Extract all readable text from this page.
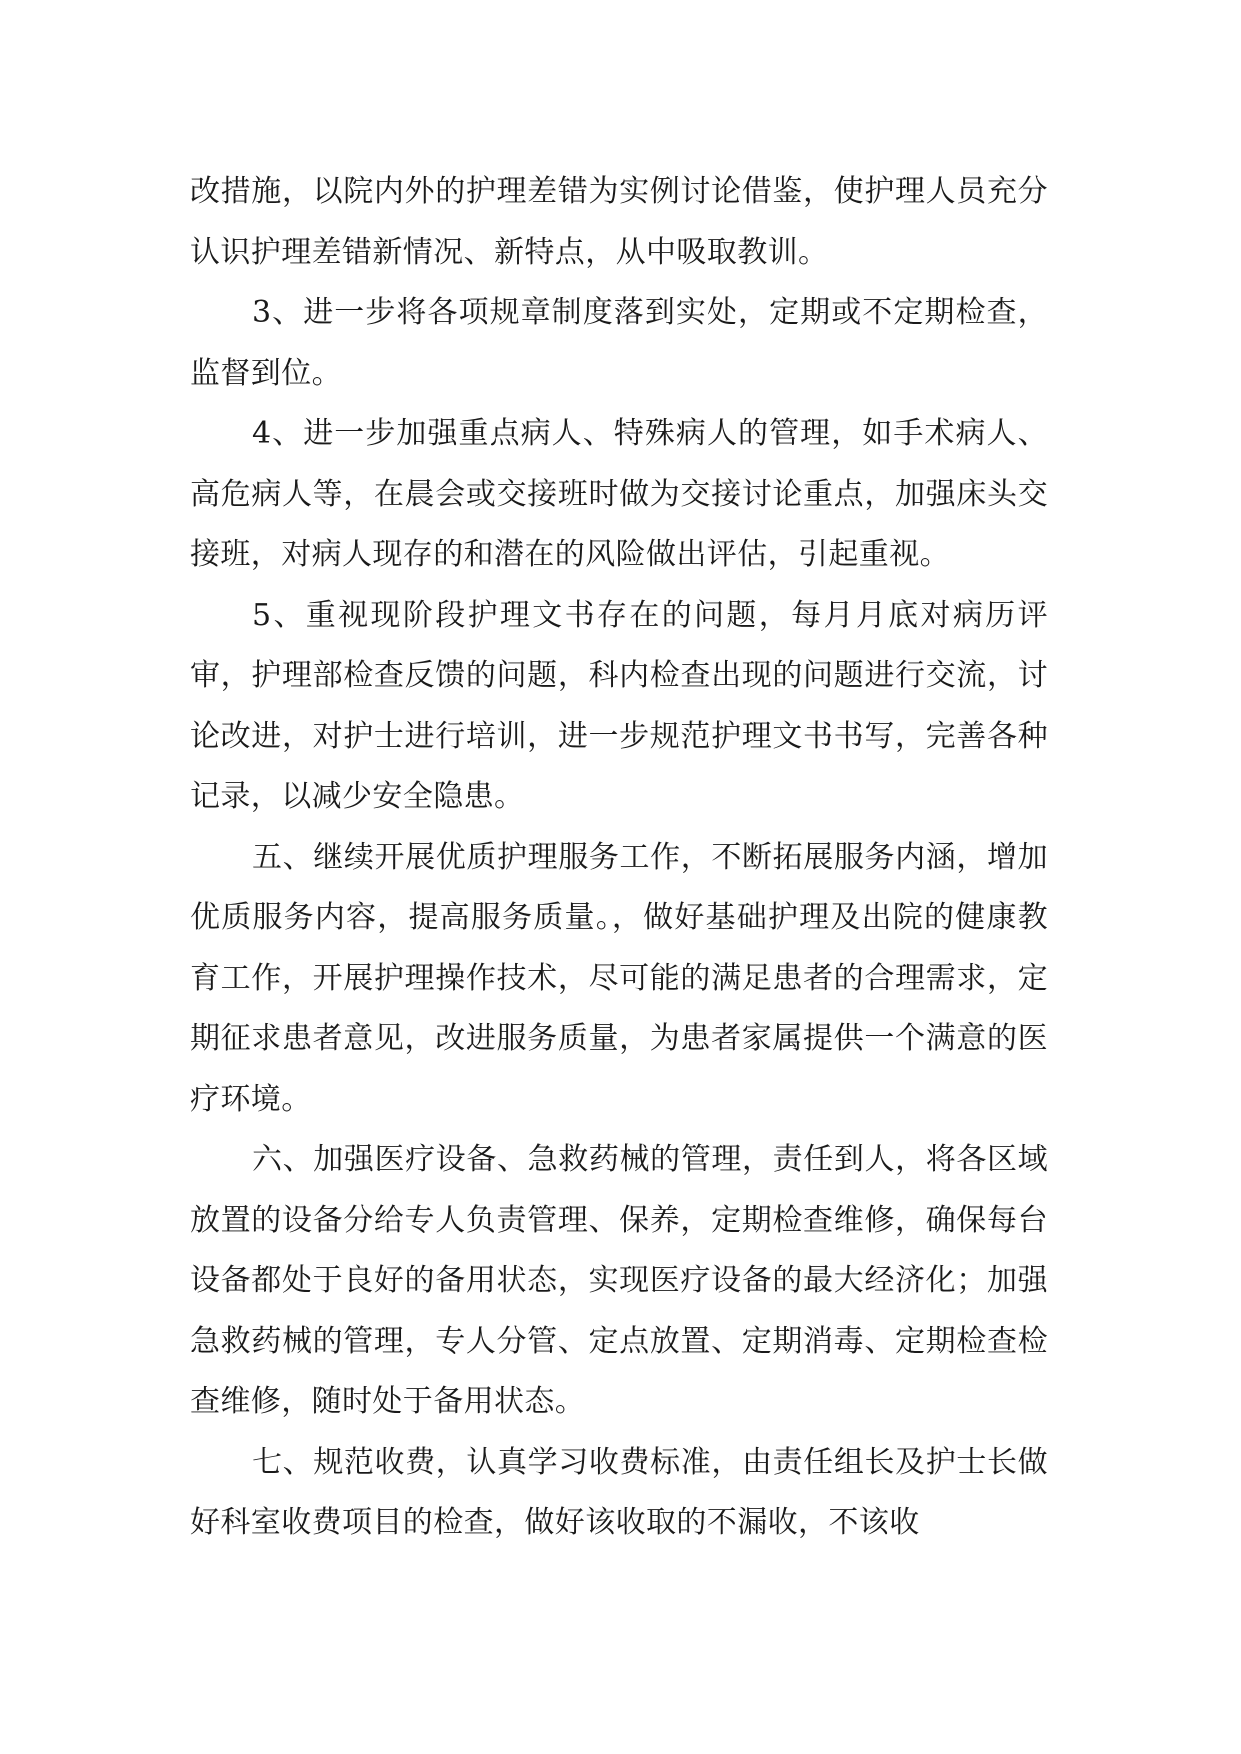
改措施，以院内外的护理差错为实例讨论借鉴，使护理人员充分认识护理差错新情况、新特点，从中吸取教训。

3、进一步将各项规章制度落到实处，定期或不定期检查，监督到位。

4、进一步加强重点病人、特殊病人的管理，如手术病人、高危病人等，在晨会或交接班时做为交接讨论重点，加强床头交接班，对病人现存的和潜在的风险做出评估，引起重视。

5、重视现阶段护理文书存在的问题，每月月底对病历评审，护理部检查反馈的问题，科内检查出现的问题进行交流，讨论改进，对护士进行培训，进一步规范护理文书书写，完善各种记录，以减少安全隐患。

五、继续开展优质护理服务工作，不断拓展服务内涵，增加优质服务内容，提高服务质量。，做好基础护理及出院的健康教育工作，开展护理操作技术，尽可能的满足患者的合理需求，定期征求患者意见，改进服务质量，为患者家属提供一个满意的医疗环境。

六、加强医疗设备、急救药械的管理，责任到人，将各区域放置的设备分给专人负责管理、保养，定期检查维修，确保每台设备都处于良好的备用状态，实现医疗设备的最大经济化；加强急救药械的管理，专人分管、定点放置、定期消毒、定期检查检查维修，随时处于备用状态。

七、规范收费，认真学习收费标准，由责任组长及护士长做好科室收费项目的检查，做好该收取的不漏收，不该收
